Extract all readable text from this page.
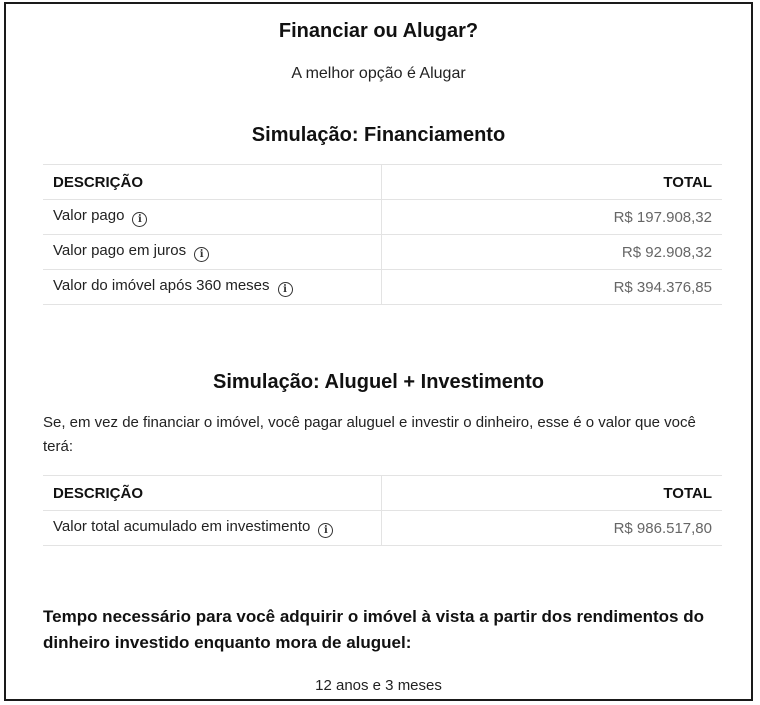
Financiar ou Alugar?
A melhor opção é Alugar
Simulação: Financiamento
DESCRIÇÃO	TOTAL
Valor pago i	R$ 197.908,32
Valor pago em juros i	R$ 92.908,32
Valor do imóvel após 360 meses i	R$ 394.376,85
Simulação: Aluguel + Investimento
Se, em vez de financiar o imóvel, você pagar aluguel e investir o dinheiro, esse é o valor que você terá:
DESCRIÇÃO	TOTAL
Valor total acumulado em investimento i	R$ 986.517,80
Tempo necessário para você adquirir o imóvel à vista a partir dos rendimentos do dinheiro investido enquanto mora de aluguel:
12 anos e 3 meses
